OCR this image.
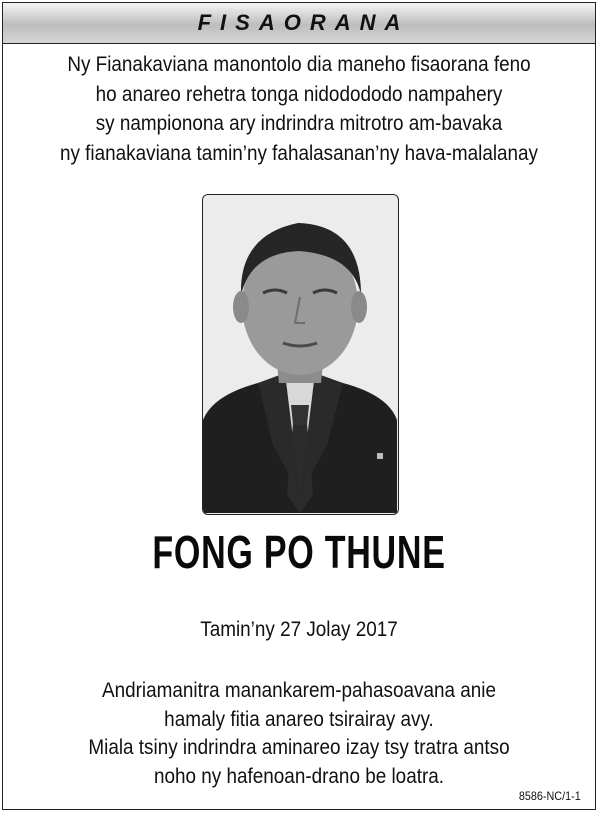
FISAORANA
Ny Fianakaviana manontolo dia maneho fisaorana feno
ho anareo rehetra tonga nidodododo nampahery
sy nampionona ary indrindra mitrotro am-bavaka
ny fianakaviana tamin’ny fahalasanan’ny hava-malalanay
FONG PO THUNE
Tamin’ny 27 Jolay 2017
Andriamanitra manankarem-pahasoavana anie
hamaly fitia anareo tsirairay avy.
Miala tsiny indrindra aminareo izay tsy tratra antso
noho ny hafenoan-drano be loatra.
8586-NC/1-1
